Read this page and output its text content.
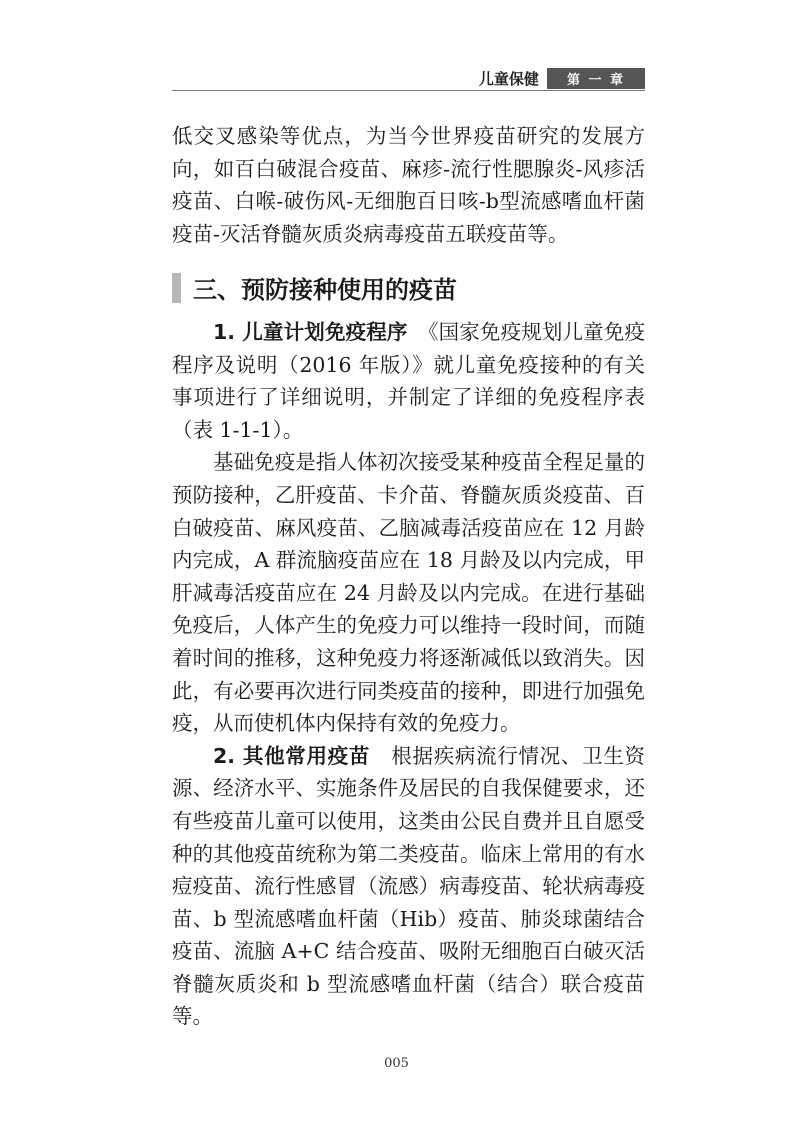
儿童保健	第 一 章

低交叉感染等优点，为当今世界疫苗研究的发展方向，如百白破混合疫苗、麻疹-流行性腮腺炎-风疹活疫苗、白喉-破伤风-无细胞百日咳-b型流感嗜血杆菌疫苗-灭活脊髓灰质炎病毒疫苗五联疫苗等。

三、预防接种使用的疫苗

1. 儿童计划免疫程序　 《国家免疫规划儿童免疫程序及说明（2016 年版）》就儿童免疫接种的有关事项进行了详细说明，并制定了详细的免疫程序表（表 1-1-1）。

基础免疫是指人体初次接受某种疫苗全程足量的预防接种，乙肝疫苗、卡介苗、脊髓灰质炎疫苗、百白破疫苗、麻风疫苗、乙脑减毒活疫苗应在 12 月龄内完成，A 群流脑疫苗应在 18 月龄及以内完成，甲肝减毒活疫苗应在 24 月龄及以内完成。在进行基础免疫后，人体产生的免疫力可以维持一段时间，而随着时间的推移，这种免疫力将逐渐减低以致消失。因此，有必要再次进行同类疫苗的接种，即进行加强免疫，从而使机体内保持有效的免疫力。

2. 其他常用疫苗　 根据疾病流行情况、卫生资源、经济水平、实施条件及居民的自我保健要求，还有些疫苗儿童可以使用，这类由公民自费并且自愿受种的其他疫苗统称为第二类疫苗。临床上常用的有水痘疫苗、流行性感冒（流感）病毒疫苗、轮状病毒疫苗、b 型流感嗜血杆菌（Hib）疫苗、肺炎球菌结合疫苗、流脑 A+C 结合疫苗、吸附无细胞百白破灭活脊髓灰质炎和 b 型流感嗜血杆菌（结合）联合疫苗等。

005
